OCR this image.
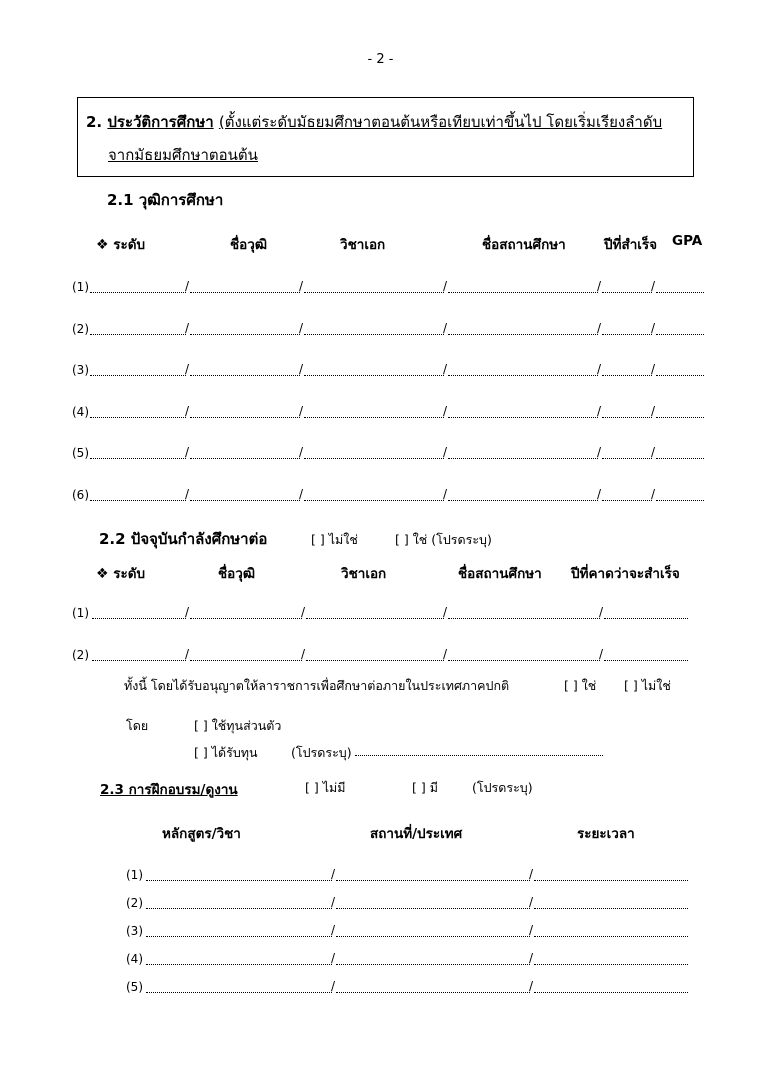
- 2 -
2. ประวัติการศึกษา (ตั้งแต่ระดับมัธยมศึกษาตอนต้นหรือเทียบเท่าขึ้นไป โดยเริ่มเรียงลำดับ
จากมัธยมศึกษาตอนต้น
2.1 วุฒิการศึกษา
❖ ระดับ	ชื่อวุฒิ	วิชาเอก	ชื่อสถานศึกษา	ปีที่สำเร็จ GPA
(1)	/	/	/	/	/
(2)	/	/	/	/	/
(3)	/	/	/	/	/
(4)	/	/	/	/	/
(5)	/	/	/	/	/
(6)	/	/	/	/	/
2.2 ปัจจุบันกำลังศึกษาต่อ	[ ] ไม่ใช่	[ ] ใช่ (โปรดระบุ)
❖ ระดับ	ชื่อวุฒิ	วิชาเอก	ชื่อสถานศึกษา ปีที่คาดว่าจะสำเร็จ
(1)	/	/	/	/
(2)	/	/	/	/
ทั้งนี้ โดยได้รับอนุญาตให้ลาราชการเพื่อศึกษาต่อภายในประเทศภาคปกติ	[ ] ใช่ [ ] ไม่ใช่
โดย	[ ] ใช้ทุนส่วนตัว
[ ] ได้รับทุน	(โปรดระบุ)
2.3 การฝึกอบรม/ดูงาน	[ ] ไม่มี	[ ] มี	(โปรดระบุ)
หลักสูตร/วิชา	สถานที่/ประเทศ	ระยะเวลา
(1)	/	/
(2)	/	/
(3)	/	/
(4)	/	/
(5)	/	/
